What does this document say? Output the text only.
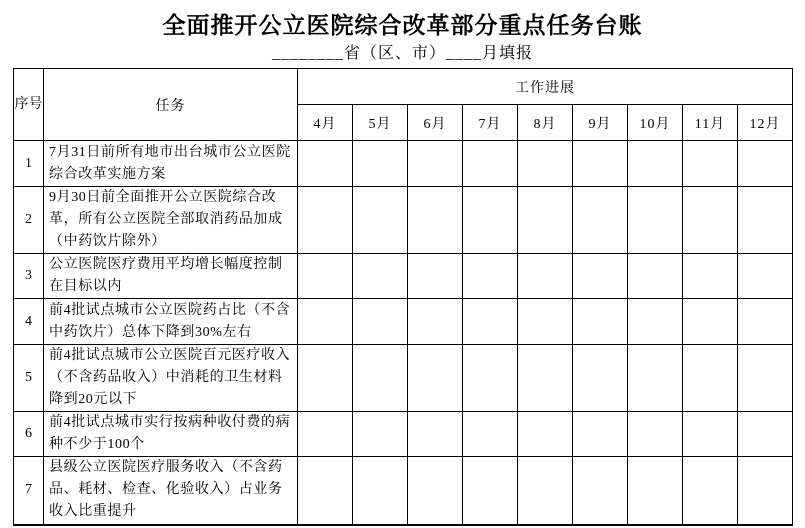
全面推开公立医院综合改革部分重点任务台账
________省（区、市）____月填报
序号	任务	工作进展								
		4月	5月	6月	7月	8月	9月	10月	11月	12月
1	7月31日前所有地市出台城市公立医院综合改革实施方案									
2	9月30日前全面推开公立医院综合改革，所有公立医院全部取消药品加成（中药饮片除外）									
3	公立医院医疗费用平均增长幅度控制在目标以内									
4	前4批试点城市公立医院药占比（不含中药饮片）总体下降到30%左右									
5	前4批试点城市公立医院百元医疗收入（不含药品收入）中消耗的卫生材料降到20元以下									
6	前4批试点城市实行按病种收付费的病种不少于100个									
7	县级公立医院医疗服务收入（不含药品、耗材、检查、化验收入）占业务收入比重提升									
